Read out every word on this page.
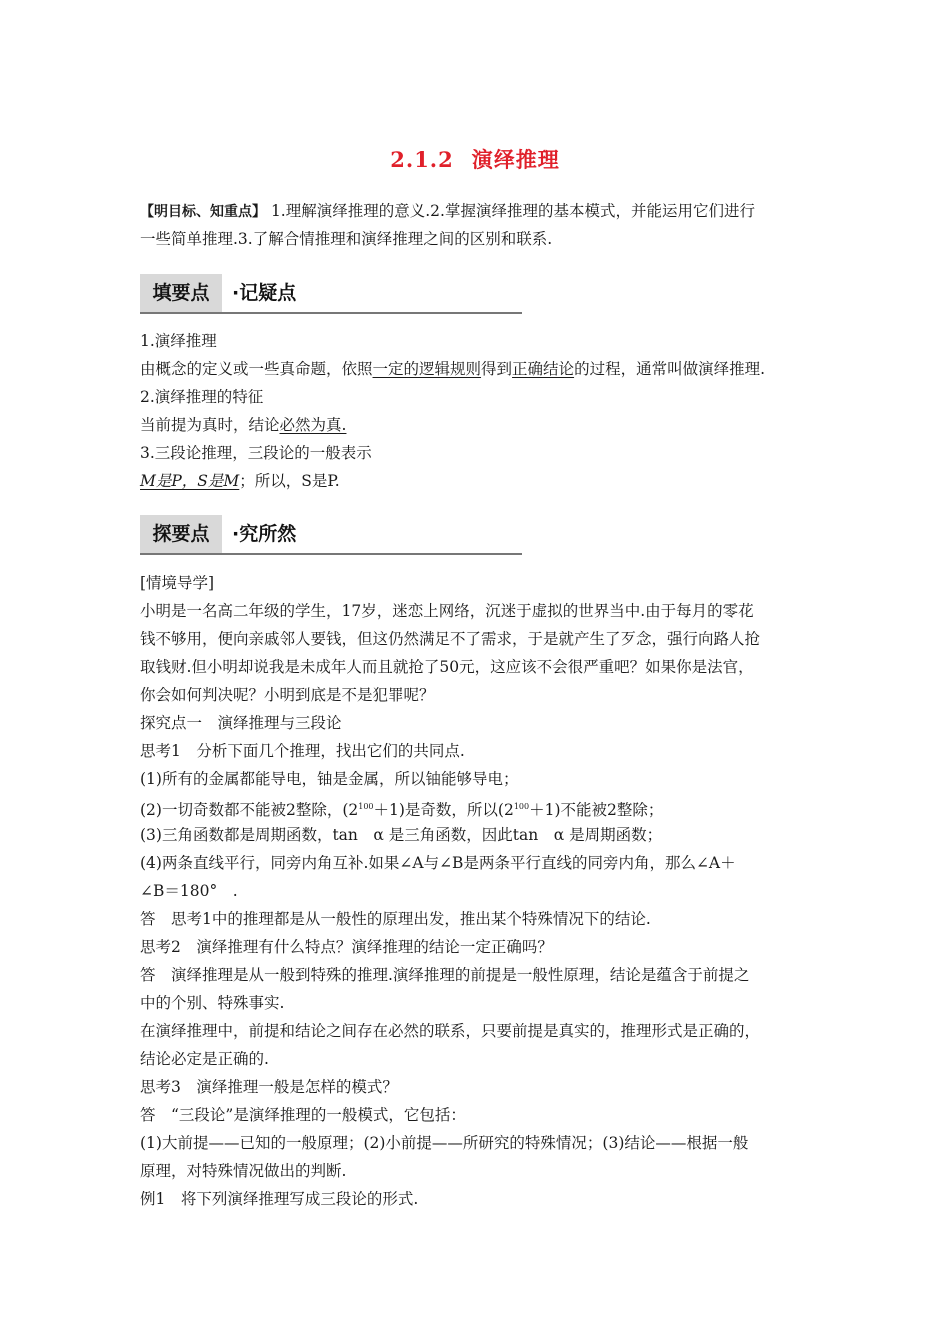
2.1.2 演绎推理
【明目标、知重点】 1.理解演绎推理的意义.2.掌握演绎推理的基本模式，并能运用它们进行
一些简单推理.3.了解合情推理和演绎推理之间的区别和联系.
填要点	·记疑点
1.演绎推理
由概念的定义或一些真命题，依照一定的逻辑规则得到正确结论的过程，通常叫做演绎推理.
2.演绎推理的特征
当前提为真时，结论必然为真.
3.三段论推理，三段论的一般表示
M是P，S是M；所以，S是P.
探要点	·究所然
[情境导学]
小明是一名高二年级的学生，17岁，迷恋上网络，沉迷于虚拟的世界当中.由于每月的零花
钱不够用，便向亲戚邻人要钱，但这仍然满足不了需求，于是就产生了歹念，强行向路人抢
取钱财.但小明却说我是未成年人而且就抢了50元，这应该不会很严重吧？如果你是法官，
你会如何判决呢？小明到底是不是犯罪呢？
探究点一　演绎推理与三段论
思考1　分析下面几个推理，找出它们的共同点.
(1)所有的金属都能导电，铀是金属，所以铀能够导电；
(2)一切奇数都不能被2整除，$(2^{100}+1)$是奇数，所以$(2^{100}+1)$不能被2整除；
(3)三角函数都是周期函数，tan　α 是三角函数，因此tan　α 是周期函数；
(4)两条直线平行，同旁内角互补.如果∠A与∠B是两条平行直线的同旁内角，那么∠A＋
∠B＝180°　.
答　思考1中的推理都是从一般性的原理出发，推出某个特殊情况下的结论.
思考2　演绎推理有什么特点？演绎推理的结论一定正确吗？
答　演绎推理是从一般到特殊的推理.演绎推理的前提是一般性原理，结论是蕴含于前提之
中的个别、特殊事实.
在演绎推理中，前提和结论之间存在必然的联系，只要前提是真实的，推理形式是正确的，
结论必定是正确的.
思考3　演绎推理一般是怎样的模式？
答　“三段论”是演绎推理的一般模式，它包括：
(1)大前提——已知的一般原理；(2)小前提——所研究的特殊情况；(3)结论——根据一般
原理，对特殊情况做出的判断.
例1　将下列演绎推理写成三段论的形式.
